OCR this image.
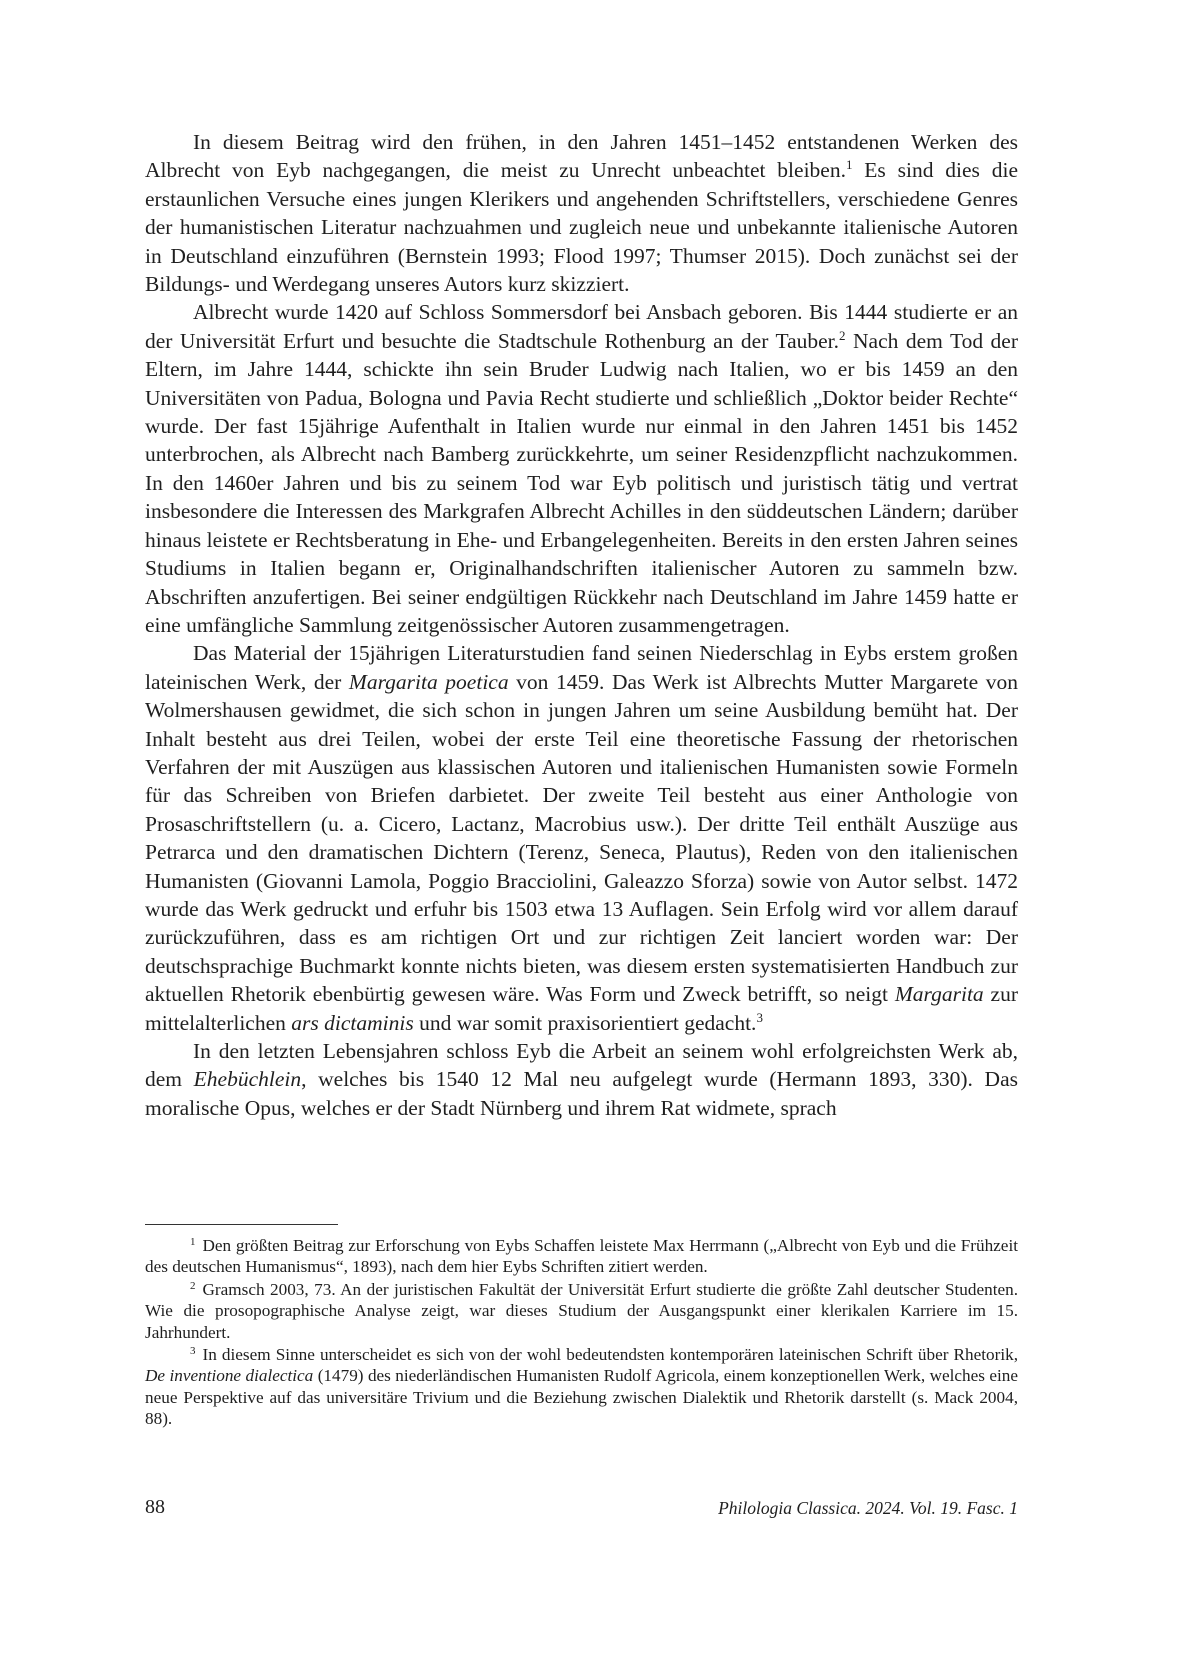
In diesem Beitrag wird den frühen, in den Jahren 1451–1452 entstandenen Werken des Albrecht von Eyb nachgegangen, die meist zu Unrecht unbeachtet bleiben.$^1$ Es sind dies die erstaunlichen Versuche eines jungen Klerikers und angehenden Schriftstellers, verschiedene Genres der humanistischen Literatur nachzuahmen und zugleich neue und unbekannte italienische Autoren in Deutschland einzuführen (Bernstein 1993; Flood 1997; Thumser 2015). Doch zunächst sei der Bildungs- und Werdegang unseres Autors kurz skizziert.

Albrecht wurde 1420 auf Schloss Sommersdorf bei Ansbach geboren. Bis 1444 studierte er an der Universität Erfurt und besuchte die Stadtschule Rothenburg an der Tauber.$^2$ Nach dem Tod der Eltern, im Jahre 1444, schickte ihn sein Bruder Ludwig nach Italien, wo er bis 1459 an den Universitäten von Padua, Bologna und Pavia Recht studierte und schließlich „Doktor beider Rechte“ wurde. Der fast 15jährige Aufenthalt in Italien wurde nur einmal in den Jahren 1451 bis 1452 unterbrochen, als Albrecht nach Bamberg zurückkehrte, um seiner Residenzpflicht nachzukommen. In den 1460er Jahren und bis zu seinem Tod war Eyb politisch und juristisch tätig und vertrat insbesondere die Interessen des Markgrafen Albrecht Achilles in den süddeutschen Ländern; darüber hinaus leistete er Rechtsberatung in Ehe- und Erbangelegenheiten. Bereits in den ersten Jahren seines Studiums in Italien begann er, Originalhandschriften italienischer Autoren zu sammeln bzw. Abschriften anzufertigen. Bei seiner endgültigen Rückkehr nach Deutschland im Jahre 1459 hatte er eine umfängliche Sammlung zeitgenössischer Autoren zusammengetragen.

Das Material der 15jährigen Literaturstudien fand seinen Niederschlag in Eybs erstem großen lateinischen Werk, der Margarita poetica von 1459. Das Werk ist Albrechts Mutter Margarete von Wolmershausen gewidmet, die sich schon in jungen Jahren um seine Ausbildung bemüht hat. Der Inhalt besteht aus drei Teilen, wobei der erste Teil eine theoretische Fassung der rhetorischen Verfahren der mit Auszügen aus klassischen Autoren und italienischen Humanisten sowie Formeln für das Schreiben von Briefen darbietet. Der zweite Teil besteht aus einer Anthologie von Prosaschriftstellern (u. a. Cicero, Lactanz, Macrobius usw.). Der dritte Teil enthält Auszüge aus Petrarca und den dramatischen Dichtern (Terenz, Seneca, Plautus), Reden von den italienischen Humanisten (Giovanni Lamola, Poggio Bracciolini, Galeazzo Sforza) sowie von Autor selbst. 1472 wurde das Werk gedruckt und erfuhr bis 1503 etwa 13 Auflagen. Sein Erfolg wird vor allem darauf zurückzuführen, dass es am richtigen Ort und zur richtigen Zeit lanciert worden war: Der deutschsprachige Buchmarkt konnte nichts bieten, was diesem ersten systematisierten Handbuch zur aktuellen Rhetorik ebenbürtig gewesen wäre. Was Form und Zweck betrifft, so neigt Margarita zur mittelalterlichen ars dictaminis und war somit praxisorientiert gedacht.$^3$

In den letzten Lebensjahren schloss Eyb die Arbeit an seinem wohl erfolgreichsten Werk ab, dem Ehebüchlein, welches bis 1540 12 Mal neu aufgelegt wurde (Hermann 1893, 330). Das moralische Opus, welches er der Stadt Nürnberg und ihrem Rat widmete, sprach

$^1$ Den größten Beitrag zur Erforschung von Eybs Schaffen leistete Max Herrmann („Albrecht von Eyb und die Frühzeit des deutschen Humanismus“, 1893), nach dem hier Eybs Schriften zitiert werden.

$^2$ Gramsch 2003, 73. An der juristischen Fakultät der Universität Erfurt studierte die größte Zahl deutscher Studenten. Wie die prosopographische Analyse zeigt, war dieses Studium der Ausgangspunkt einer klerikalen Karriere im 15. Jahrhundert.

$^3$ In diesem Sinne unterscheidet es sich von der wohl bedeutendsten kontemporären lateinischen Schrift über Rhetorik, De inventione dialectica (1479) des niederländischen Humanisten Rudolf Agricola, einem konzeptionellen Werk, welches eine neue Perspektive auf das universitäre Trivium und die Beziehung zwischen Dialektik und Rhetorik darstellt (s. Mack 2004, 88).

88	Philologia Classica. 2024. Vol. 19. Fasc. 1
